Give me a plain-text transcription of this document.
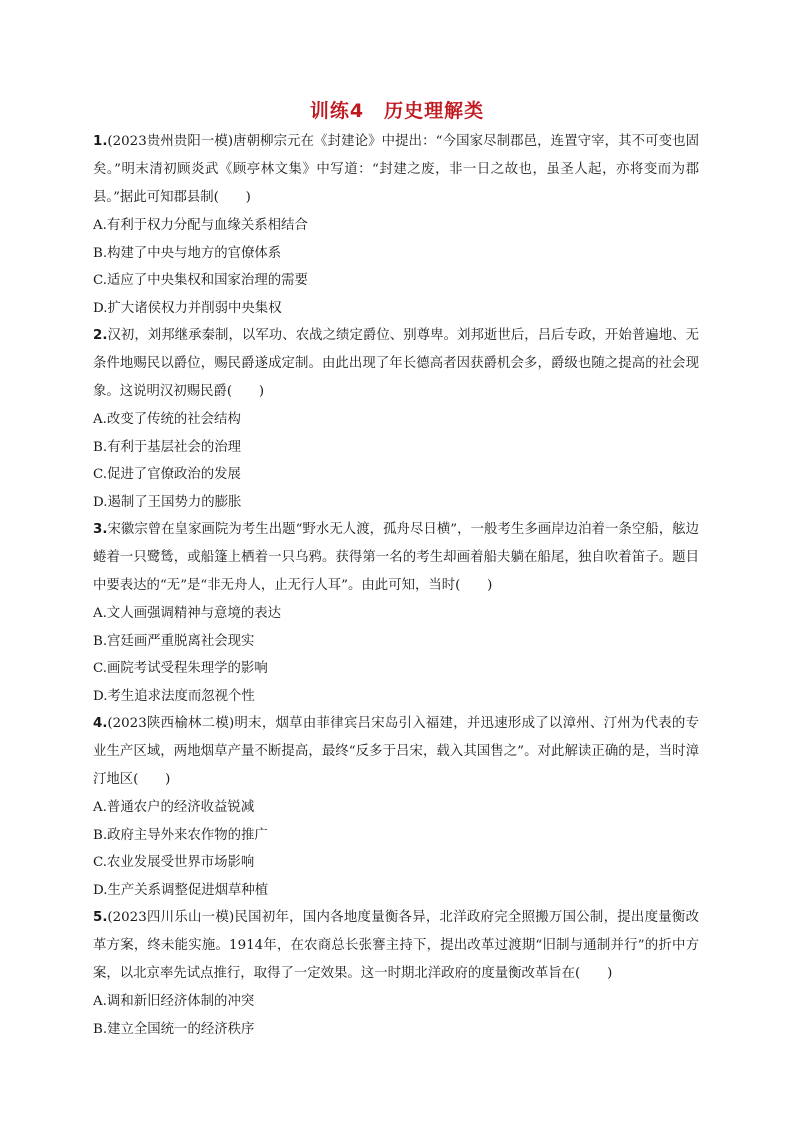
训练4　历史理解类

1.(2023贵州贵阳一模)唐朝柳宗元在《封建论》中提出：“今国家尽制郡邑，连置守宰，其不可变也固矣。”明末清初顾炎武《顾亭林文集》中写道：“封建之废，非一日之故也，虽圣人起，亦将变而为郡县。”据此可知郡县制(　　)

A.有利于权力分配与血缘关系相结合

B.构建了中央与地方的官僚体系

C.适应了中央集权和国家治理的需要

D.扩大诸侯权力并削弱中央集权

2.汉初，刘邦继承秦制，以军功、农战之绩定爵位、别尊卑。刘邦逝世后，吕后专政，开始普遍地、无条件地赐民以爵位，赐民爵遂成定制。由此出现了年长德高者因获爵机会多，爵级也随之提高的社会现象。这说明汉初赐民爵(　　)

A.改变了传统的社会结构

B.有利于基层社会的治理

C.促进了官僚政治的发展

D.遏制了王国势力的膨胀

3.宋徽宗曾在皇家画院为考生出题“野水无人渡，孤舟尽日横”，一般考生多画岸边泊着一条空船，舷边蜷着一只鹭鸶，或船篷上栖着一只乌鸦。获得第一名的考生却画着船夫躺在船尾，独自吹着笛子。题目中要表达的“无”是“非无舟人，止无行人耳”。由此可知，当时(　　)

A.文人画强调精神与意境的表达

B.宫廷画严重脱离社会现实

C.画院考试受程朱理学的影响

D.考生追求法度而忽视个性

4.(2023陕西榆林二模)明末，烟草由菲律宾吕宋岛引入福建，并迅速形成了以漳州、汀州为代表的专业生产区域，两地烟草产量不断提高，最终“反多于吕宋，载入其国售之”。对此解读正确的是，当时漳汀地区(　　)

A.普通农户的经济收益锐减

B.政府主导外来农作物的推广

C.农业发展受世界市场影响

D.生产关系调整促进烟草种植

5.(2023四川乐山一模)民国初年，国内各地度量衡各异，北洋政府完全照搬万国公制，提出度量衡改革方案，终未能实施。1914年，在农商总长张謇主持下，提出改革过渡期“旧制与通制并行”的折中方案，以北京率先试点推行，取得了一定效果。这一时期北洋政府的度量衡改革旨在(　　)

A.调和新旧经济体制的冲突

B.建立全国统一的经济秩序
